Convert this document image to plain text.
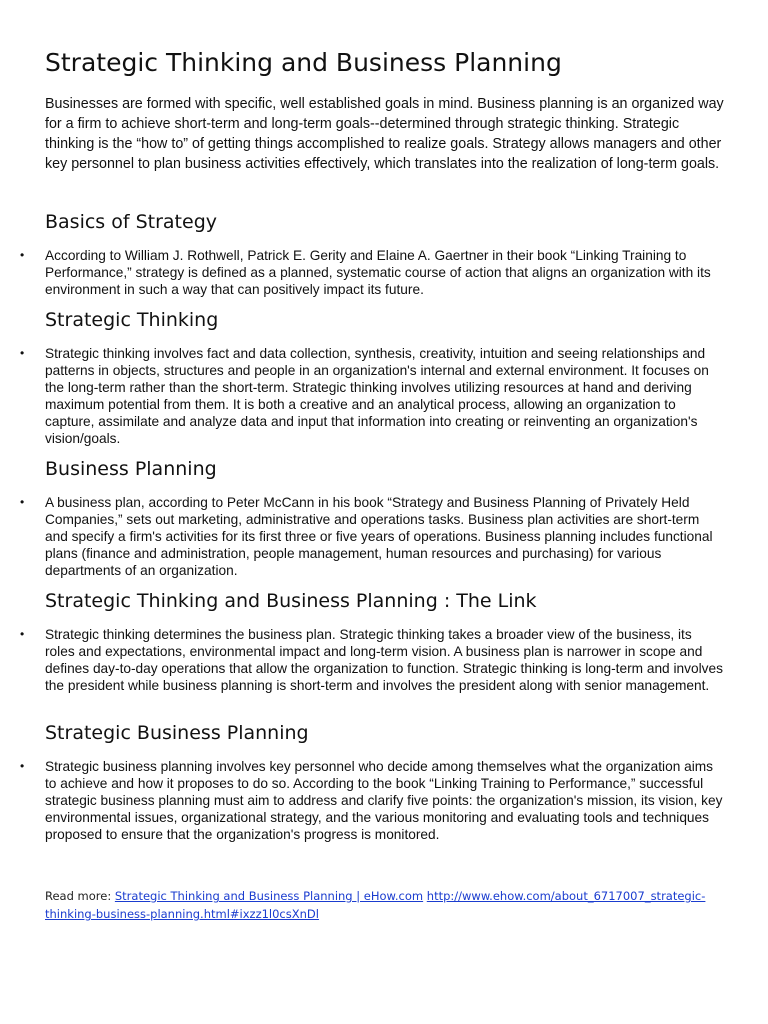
Strategic Thinking and Business Planning

Businesses are formed with specific, well established goals in mind. Business planning is an organized way for a firm to achieve short-term and long-term goals--determined through strategic thinking. Strategic thinking is the “how to” of getting things accomplished to realize goals. Strategy allows managers and other key personnel to plan business activities effectively, which translates into the realization of long-term goals.

Basics of Strategy
•	According to William J. Rothwell, Patrick E. Gerity and Elaine A. Gaertner in their book “Linking Training to Performance,” strategy is defined as a planned, systematic course of action that aligns an organization with its environment in such a way that can positively impact its future.
Strategic Thinking
•	Strategic thinking involves fact and data collection, synthesis, creativity, intuition and seeing relationships and patterns in objects, structures and people in an organization's internal and external environment. It focuses on the long-term rather than the short-term. Strategic thinking involves utilizing resources at hand and deriving maximum potential from them. It is both a creative and an analytical process, allowing an organization to capture, assimilate and analyze data and input that information into creating or reinventing an organization's vision/goals.
Business Planning
•	A business plan, according to Peter McCann in his book “Strategy and Business Planning of Privately Held Companies,” sets out marketing, administrative and operations tasks. Business plan activities are short-term and specify a firm's activities for its first three or five years of operations. Business planning includes functional plans (finance and administration, people management, human resources and purchasing) for various departments of an organization.
Strategic Thinking and Business Planning : The Link
•	Strategic thinking determines the business plan. Strategic thinking takes a broader view of the business, its roles and expectations, environmental impact and long-term vision. A business plan is narrower in scope and defines day-to-day operations that allow the organization to function. Strategic thinking is long-term and involves the president while business planning is short-term and involves the president along with senior management.
Strategic Business Planning
•	Strategic business planning involves key personnel who decide among themselves what the organization aims to achieve and how it proposes to do so. According to the book “Linking Training to Performance,” successful strategic business planning must aim to address and clarify five points: the organization's mission, its vision, key environmental issues, organizational strategy, and the various monitoring and evaluating tools and techniques proposed to ensure that the organization's progress is monitored.
Read more: Strategic Thinking and Business Planning | eHow.com http://www.ehow.com/about_6717007_strategic-thinking-business-planning.html#ixzz1l0csXnDl
